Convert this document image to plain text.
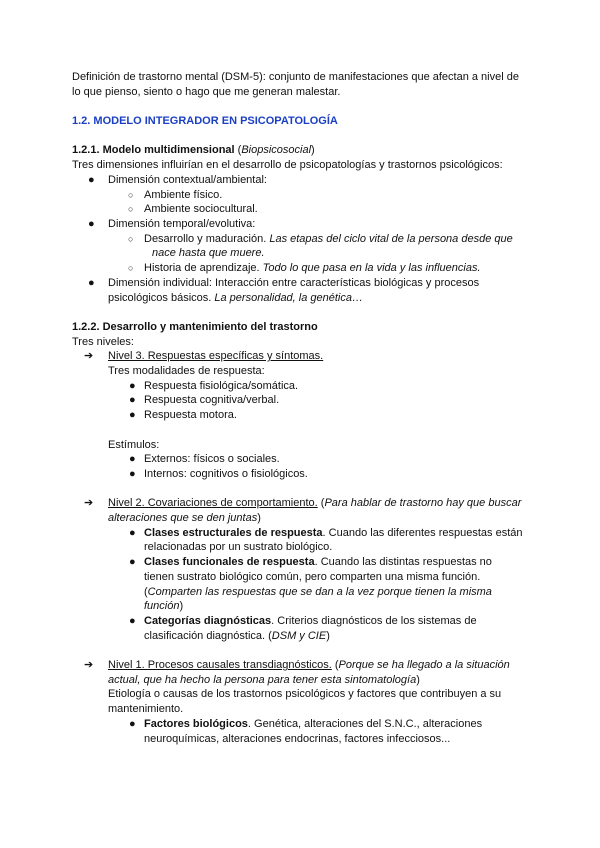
Definición de trastorno mental (DSM-5): conjunto de manifestaciones que afectan a nivel de
lo que pienso, siento o hago que me generan malestar.

1.2. MODELO INTEGRADOR EN PSICOPATOLOGÍA

1.2.1. Modelo multidimensional (Biopsicosocial)

Tres dimensiones influirían en el desarrollo de psicopatologías y trastornos psicológicos:

● Dimensión contextual/ambiental:
○ Ambiente físico.
○ Ambiente sociocultural.
● Dimensión temporal/evolutiva:
○ Desarrollo y maduración. Las etapas del ciclo vital de la persona desde que
nace hasta que muere.
○ Historia de aprendizaje. Todo lo que pasa en la vida y las influencias.
● Dimensión individual: Interacción entre características biológicas y procesos
psicológicos básicos. La personalidad, la genética…

1.2.2. Desarrollo y mantenimiento del trastorno

Tres niveles:

➔ Nivel 3. Respuestas específicas y síntomas.

Tres modalidades de respuesta:

● Respuesta fisiológica/somática.
● Respuesta cognitiva/verbal.
● Respuesta motora.

Estímulos:

● Externos: físicos o sociales.
● Internos: cognitivos o fisiológicos.
➔ Nivel 2. Covariaciones de comportamiento. (Para hablar de trastorno hay que buscar
alteraciones que se den juntas)
● Clases estructurales de respuesta. Cuando las diferentes respuestas están
relacionadas por un sustrato biológico.
● Clases funcionales de respuesta. Cuando las distintas respuestas no
tienen sustrato biológico común, pero comparten una misma función.
(Comparten las respuestas que se dan a la vez porque tienen la misma
función)
● Categorías diagnósticas. Criterios diagnósticos de los sistemas de
clasificación diagnóstica. (DSM y CIE)
➔ Nivel 1. Procesos causales transdiagnósticos. (Porque se ha llegado a la situación
actual, que ha hecho la persona para tener esta sintomatología)

Etiología o causas de los trastornos psicológicos y factores que contribuyen a su
mantenimiento.

● Factores biológicos. Genética, alteraciones del S.N.C., alteraciones
neuroquímicas, alteraciones endocrinas, factores infecciosos...
